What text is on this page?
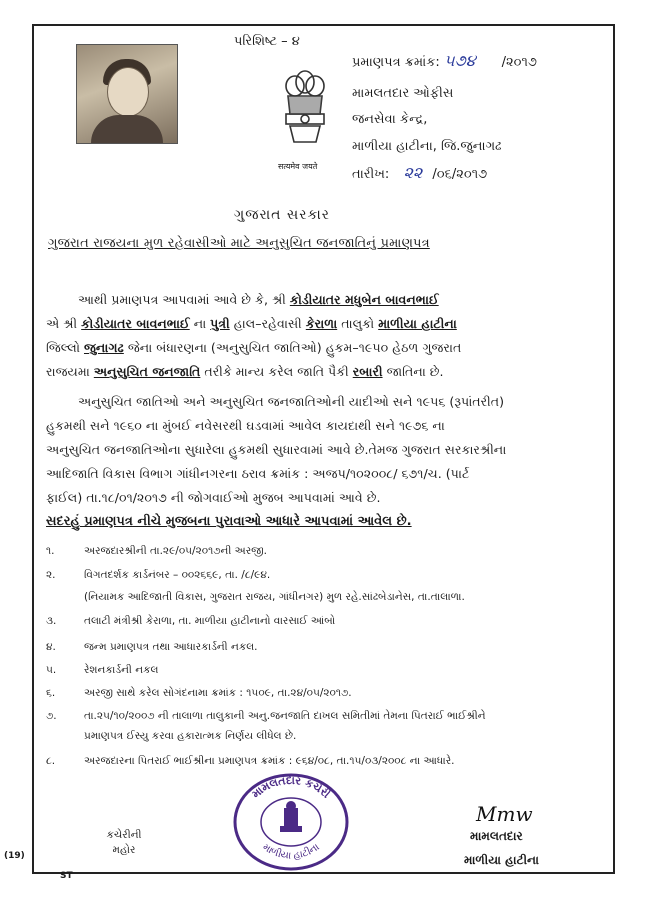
પરિશિષ્ટ – ૪
सत्यमेव जयते
પ્રમાણપત્ર ક્રમાંક: ૫૭૪ /૨૦૧૭
મામલતદાર ઓફીસ
જનસેવા કેન્દ્ર,
માળીયા હાટીના, જિ.જુનાગઢ
તારીખ: ૨૨ /૦૬/૨૦૧૭
ગુજરાત સરકાર
ગુજરાત રાજયના મુળ રહેવાસીઓ માટે અનુસુચિત જનજાતિનું પ્રમાણપત્ર
આથી પ્રમાણપત્ર આપવામાં આવે છે કે, શ્રી કોડીયાતર મધુબેન બાવનભાઈ
એ શ્રી કોડીયાતર બાવનભાઈ ના પુત્રી હાલ–રહેવાસી કેરાળા તાલુકો માળીયા હાટીના
જિલ્લો જુનાગઢ જેના બંધારણના (અનુસુચિત જાતિઓ) હુકમ–૧૯૫૦ હેઠળ ગુજરાત
રાજયમા અનુસુચિત જનજાતિ તરીકે માન્ય કરેલ જાતિ પૈકી રબારી જાતિના છે.
અનુસુચિત જાતિઓ અને અનુસુચિત જનજાતિઓની યાદીઓ સને ૧૯૫૬ (રૂપાંતરીત)
હુકમથી સને ૧૯૬૦ ના મુંબઈ નવેસરથી ઘડવામાં આવેલ કાયદાથી સને ૧૯૭૬ ના
અનુસુચિત જનજાતિઓના સુધારેલા હુકમથી સુધારવામાં આવે છે.તેમજ ગુજરાત સરકારશ્રીના
આદિજાતિ વિકાસ વિભાગ ગાંધીનગરના ઠરાવ ક્રમાંક : અજપ/૧૦૨૦૦૮/ ૬૭૧/ચ. (પાર્ટ
ફાઈલ) તા.૧૮/૦૧/૨૦૧૭ ની જોગવાઈઓ મુજબ આપવામાં આવે છે.
સદરહું પ્રમાણપત્ર નીચે મુજબના પુરાવાઓ આધારે આપવામાં આવેલ છે.
૧.	અરજદારશ્રીની તા.૨૯/૦૫/૨૦૧૭ની અરજી.
૨.	વિગતદર્શક કાર્ડનંબર – ૦૦૨૬૬૯, તા. /૮/૯૪.
(નિયામક આદિજાતી વિકાસ, ગુજરાત રાજય, ગાંધીનગર) મુળ રહે.સાંઢબેડાનેસ, તા.તાલાળા.
૩.	તલાટી મંત્રીશ્રી કેરાળા, તા. માળીયા હાટીનાનો વારસાઈ આંબો
૪.	જન્મ પ્રમાણપત્ર તથા આધારકાર્ડની નકલ.
૫.	રેશનકાર્ડની નકલ
૬.	અરજી સાથે કરેલ સોગંદનામા ક્રમાંક : ૧૫૦૯, તા.૨૪/૦૫/૨૦૧૭.
૭.	તા.૨૫/૧૦/૨૦૦૭ ની તાલાળા તાલુકાની અનુ.જનજાતિ દાખલ સમિતીમાં તેમના પિતરાઈ ભાઈશ્રીને
પ્રમાણપત્ર ઈસ્યુ કરવા હકારાત્મક નિર્ણય લીધેલ છે.
૮.	અરજદારના પિતરાઈ ભાઈશ્રીના પ્રમાણપત્ર ક્રમાંક : ૯૬૪/૦૮, તા.૧૫/૦૩/૨૦૦૮ ના આધારે.
કચેરીની
મહોર
મામલતદાર કચેરી
માળીયા હાટીના
Mmw
મામલતદાર
માળીયા હાટીના
(19)
ST
